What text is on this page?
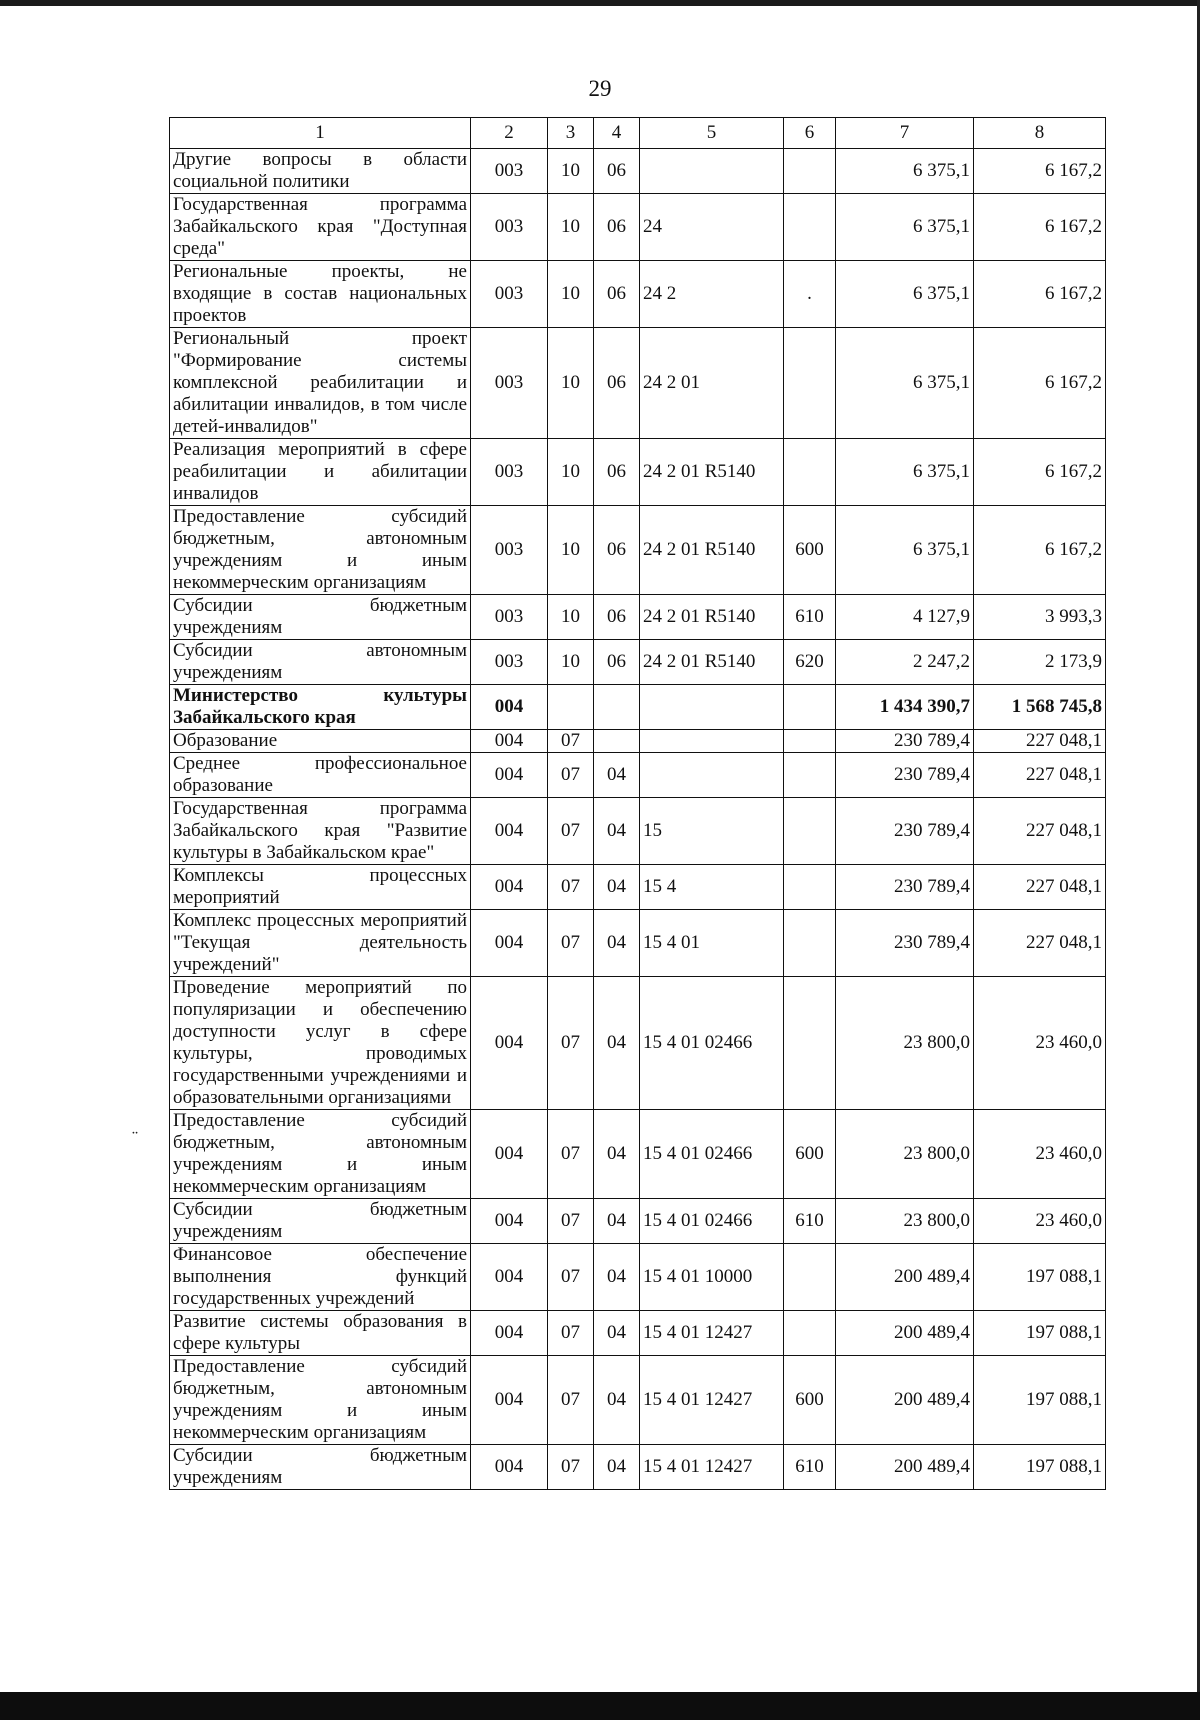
¨
29
1	2	3	4	5	6	7	8
Другие вопросы в области социальной политики	003	10	06			6 375,1	6 167,2
Государственная программа Забайкальского края "Доступная среда"	003	10	06	24		6 375,1	6 167,2
Региональные проекты, не входящие в состав национальных проектов	003	10	06	24 2	.	6 375,1	6 167,2
Региональный проект "Формирование системы комплексной реабилитации и абилитации инвалидов, в том числе детей-инвалидов"	003	10	06	24 2 01		6 375,1	6 167,2
Реализация мероприятий в сфере реабилитации и абилитации инвалидов	003	10	06	24 2 01 R5140		6 375,1	6 167,2
Предоставление субсидий бюджетным, автономным учреждениям и иным некоммерческим организациям	003	10	06	24 2 01 R5140	600	6 375,1	6 167,2
Субсидии бюджетным учреждениям	003	10	06	24 2 01 R5140	610	4 127,9	3 993,3
Субсидии автономным учреждениям	003	10	06	24 2 01 R5140	620	2 247,2	2 173,9
Министерство культуры Забайкальского края	004					1 434 390,7	1 568 745,8
Образование	004	07				230 789,4	227 048,1
Среднее профессиональное образование	004	07	04			230 789,4	227 048,1
Государственная программа Забайкальского края "Развитие культуры в Забайкальском крае"	004	07	04	15		230 789,4	227 048,1
Комплексы процессных мероприятий	004	07	04	15 4		230 789,4	227 048,1
Комплекс процессных мероприятий "Текущая деятельность учреждений"	004	07	04	15 4 01		230 789,4	227 048,1
Проведение мероприятий по популяризации и обеспечению доступности услуг в сфере культуры, проводимых государственными учреждениями и образовательными организациями	004	07	04	15 4 01 02466		23 800,0	23 460,0
Предоставление субсидий бюджетным, автономным учреждениям и иным некоммерческим организациям	004	07	04	15 4 01 02466	600	23 800,0	23 460,0
Субсидии бюджетным учреждениям	004	07	04	15 4 01 02466	610	23 800,0	23 460,0
Финансовое обеспечение выполнения функций государственных учреждений	004	07	04	15 4 01 10000		200 489,4	197 088,1
Развитие системы образования в сфере культуры	004	07	04	15 4 01 12427		200 489,4	197 088,1
Предоставление субсидий бюджетным, автономным учреждениям и иным некоммерческим организациям	004	07	04	15 4 01 12427	600	200 489,4	197 088,1
Субсидии бюджетным учреждениям	004	07	04	15 4 01 12427	610	200 489,4	197 088,1
